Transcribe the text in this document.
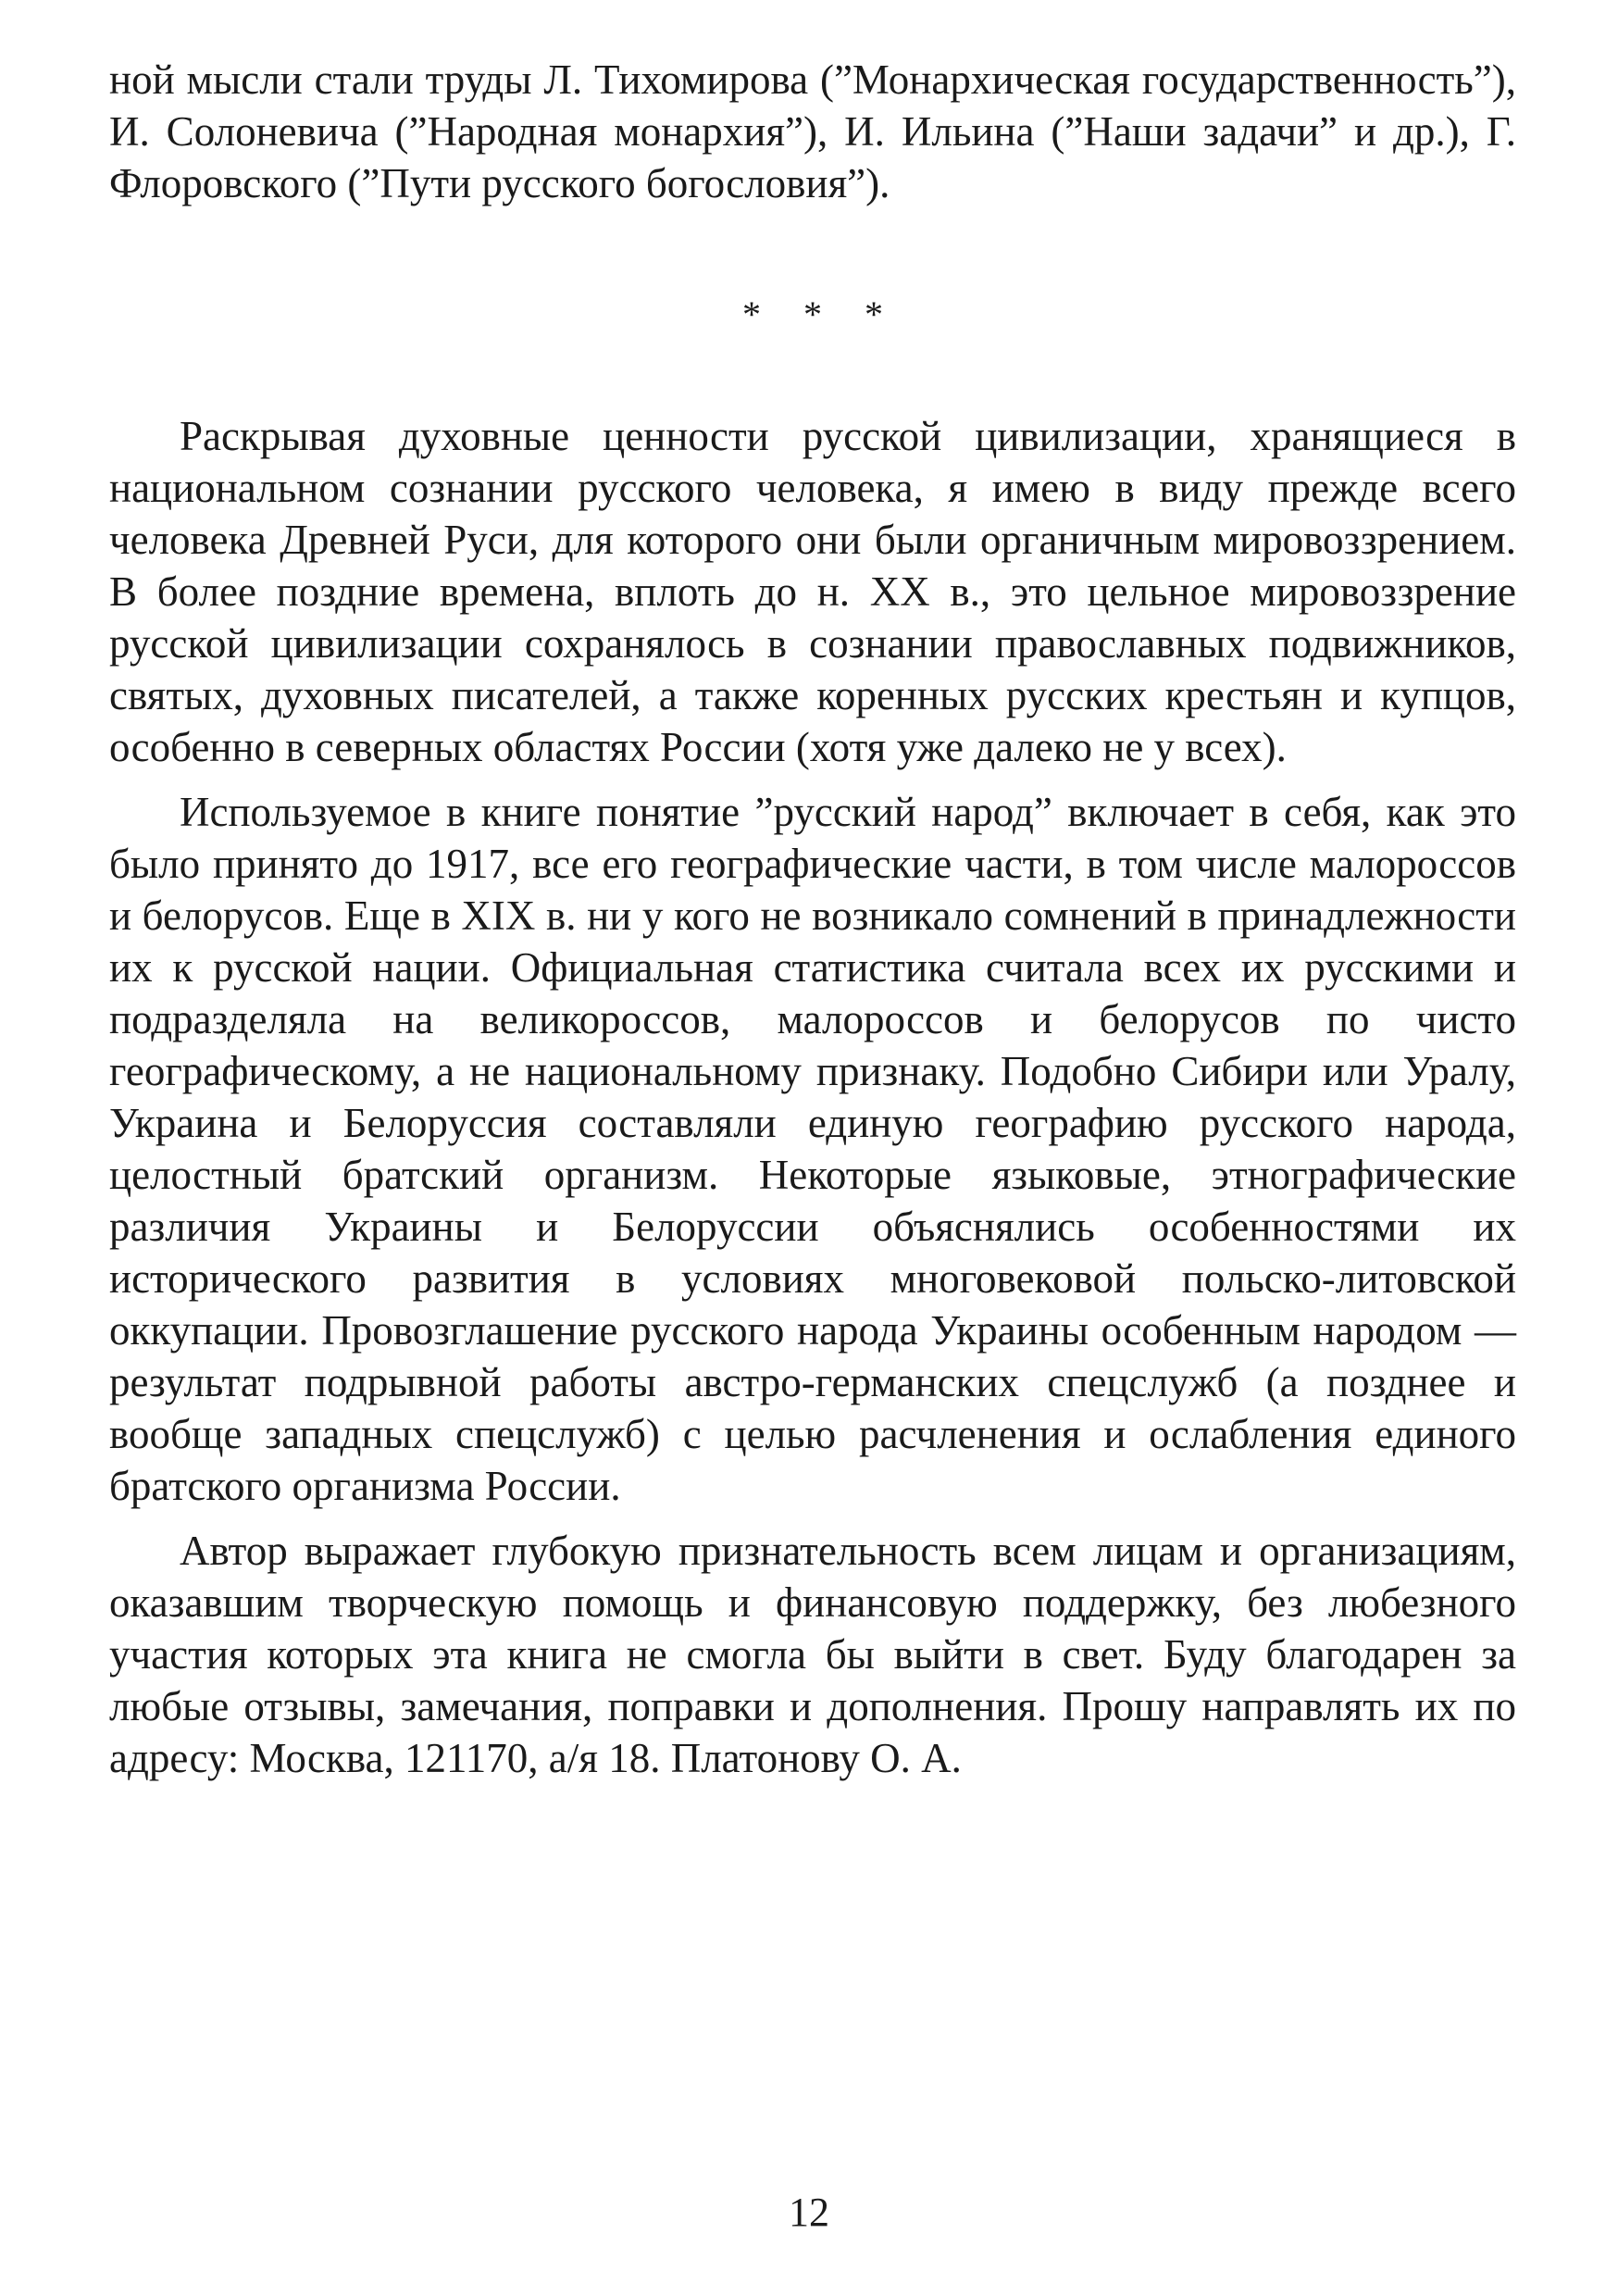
ной мысли стали труды Л. Тихомирова (”Монархическая государственность”), И. Солоневича (”Народная монархия”), И. Ильина (”Наши задачи” и др.), Г. Флоровского (”Пути русского богословия”).

* * *

Раскрывая духовные ценности русской цивилизации, хранящиеся в национальном сознании русского человека, я имею в виду прежде всего человека Древней Руси, для которого они были органичным мировоззрением. В более поздние времена, вплоть до н. XX в., это цельное мировоззрение русской цивилизации сохранялось в сознании православных подвижников, святых, духовных писателей, а также коренных русских крестьян и купцов, особенно в северных областях России (хотя уже далеко не у всех).

Используемое в книге понятие ”русский народ” включает в себя, как это было принято до 1917, все его географические части, в том числе малороссов и белорусов. Еще в XIX в. ни у кого не возникало сомнений в принадлежности их к русской нации. Официальная статистика считала всех их русскими и подразделяла на великороссов, малороссов и белорусов по чисто географическому, а не национальному признаку. Подобно Сибири или Уралу, Украина и Белоруссия составляли единую географию русского народа, целостный братский организм. Некоторые языковые, этнографические различия Украины и Белоруссии объяснялись особенностями их исторического развития в условиях многовековой польско-литовской оккупации. Провозглашение русского народа Украины особенным народом — результат подрывной работы австро-германских спецслужб (а позднее и вообще западных спецслужб) с целью расчленения и ослабления единого братского организма России.

Автор выражает глубокую признательность всем лицам и организациям, оказавшим творческую помощь и финансовую поддержку, без любезного участия которых эта книга не смогла бы выйти в свет. Буду благодарен за любые отзывы, замечания, поправки и дополнения. Прошу направлять их по адресу: Москва, 121170, а/я 18. Платонову О. А.

12
